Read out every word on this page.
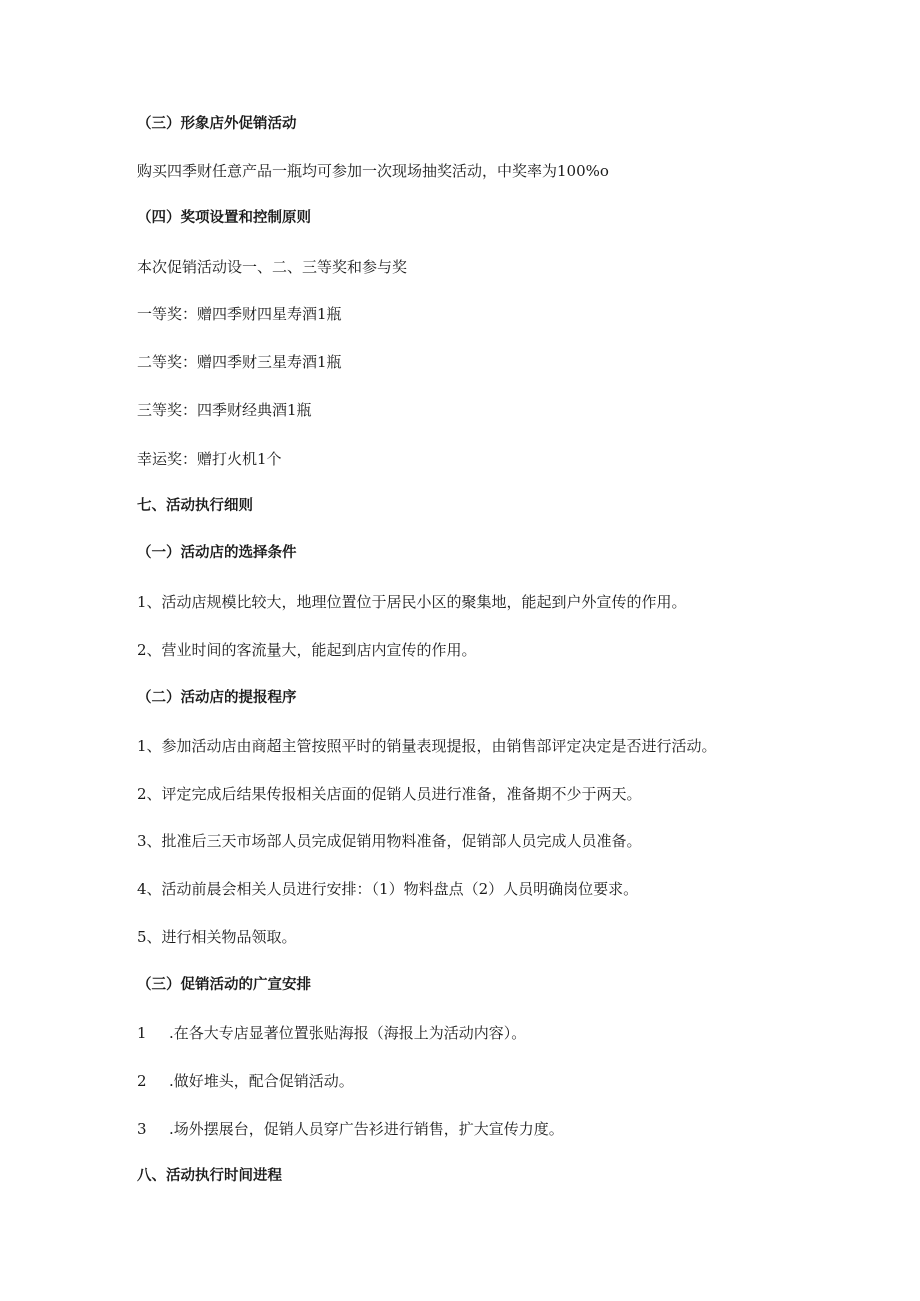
（三）形象店外促销活动
购买四季财任意产品一瓶均可参加一次现场抽奖活动，中奖率为100%o
（四）奖项设置和控制原则
本次促销活动设一、二、三等奖和参与奖
一等奖：赠四季财四星寿酒1瓶
二等奖：赠四季财三星寿酒1瓶
三等奖：四季财经典酒1瓶
幸运奖：赠打火机1个
七、活动执行细则
（一）活动店的选择条件
1、活动店规模比较大，地理位置位于居民小区的聚集地，能起到户外宣传的作用。
2、营业时间的客流量大，能起到店内宣传的作用。
（二）活动店的提报程序
1、参加活动店由商超主管按照平时的销量表现提报，由销售部评定决定是否进行活动。
2、评定完成后结果传报相关店面的促销人员进行准备，准备期不少于两天。
3、批准后三天市场部人员完成促销用物料准备，促销部人员完成人员准备。
4、活动前晨会相关人员进行安排：（1）物料盘点（2）人员明确岗位要求。
5、进行相关物品领取。
（三）促销活动的广宣安排
1 .在各大专店显著位置张贴海报（海报上为活动内容）。
2 .做好堆头，配合促销活动。
3 .场外摆展台，促销人员穿广告衫进行销售，扩大宣传力度。
八、活动执行时间进程
